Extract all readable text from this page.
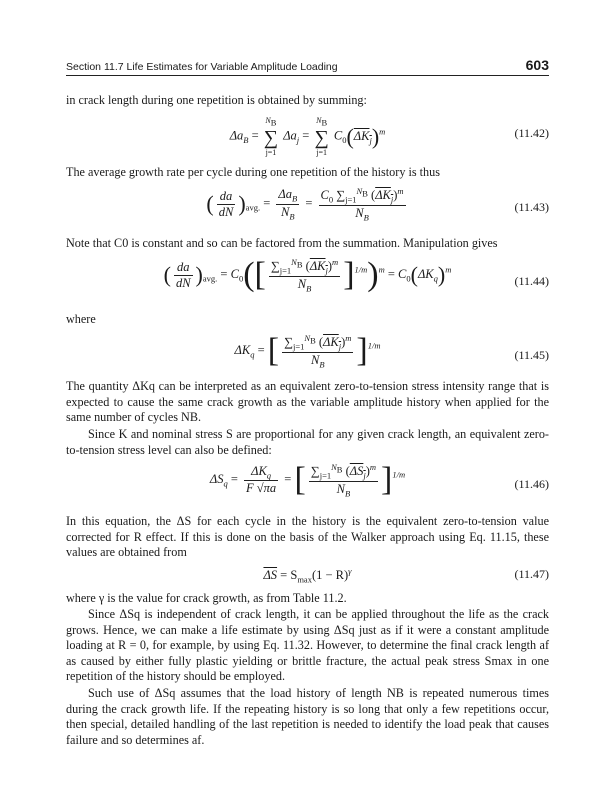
Section 11.7 Life Estimates for Variable Amplitude Loading	603
in crack length during one repetition is obtained by summing:
$\Delta a_B$ =
$N_B$
∑
j=1
$\Delta a_j$ =
$N_B$
∑
j=1
$C_0(\Delta K_j)^m$	(11.42)
The average growth rate per cycle during one repetition of the history is thus
( $\frac{da}{dN} )_{avg.} = \frac{\Delta a_B}{N_B} = \frac{C_0 \sum_{j=1}^{N_B} (\Delta K_j)^m}{N_B}$	(11.43)
Note that C0 is constant and so can be factored from the summation. Manipulation gives
( $\frac{da}{dN} )_{avg.} = C_0([ \frac{\sum_{j=1}^{N_B} (\Delta K_j)^m}{N_B} ]^{1/m})^m = C_0(\Delta K_q)^m$
(11.44)
where
$\Delta K_q$ = [ $\frac{\sum_{j=1}^{N_B} (\Delta K_j)^m}{N_B} ]^{1/m}$
(11.45)
The quantity ΔKq can be interpreted as an equivalent zero-to-tension stress intensity range that is expected to cause the same crack growth as the variable amplitude history when applied for the same number of cycles NB.
Since K and nominal stress S are proportional for any given crack length, an equivalent zero-to-tension stress level can also be defined:
$\Delta S_q = \frac{\Delta K_q}{F √\pi a}$ = [ $\frac{\sum_{j=1}^{N_B} (\Delta S_j)^m}{N_B} ]^{1/m}$
(11.46)
In this equation, the ΔS for each cycle in the history is the equivalent zero-to-tension value corrected for R effect. If this is done on the basis of the Walker approach using Eq. 11.15, these values are obtained from
$\overline{\Delta S} = S_{max}(1 - R)^\gamma$	(11.47)
where γ is the value for crack growth, as from Table 11.2.
Since ΔSq is independent of crack length, it can be applied throughout the life as the crack grows. Hence, we can make a life estimate by using ΔSq just as if it were a constant amplitude loading at R = 0, for example, by using Eq. 11.32. However, to determine the final crack length af as caused by either fully plastic yielding or brittle fracture, the actual peak stress Smax in one repetition of the history should be employed.
Such use of ΔSq assumes that the load history of length NB is repeated numerous times during the crack growth life. If the repeating history is so long that only a few repetitions occur, then special, detailed handling of the last repetition is needed to identify the load peak that causes failure and so determines af.
